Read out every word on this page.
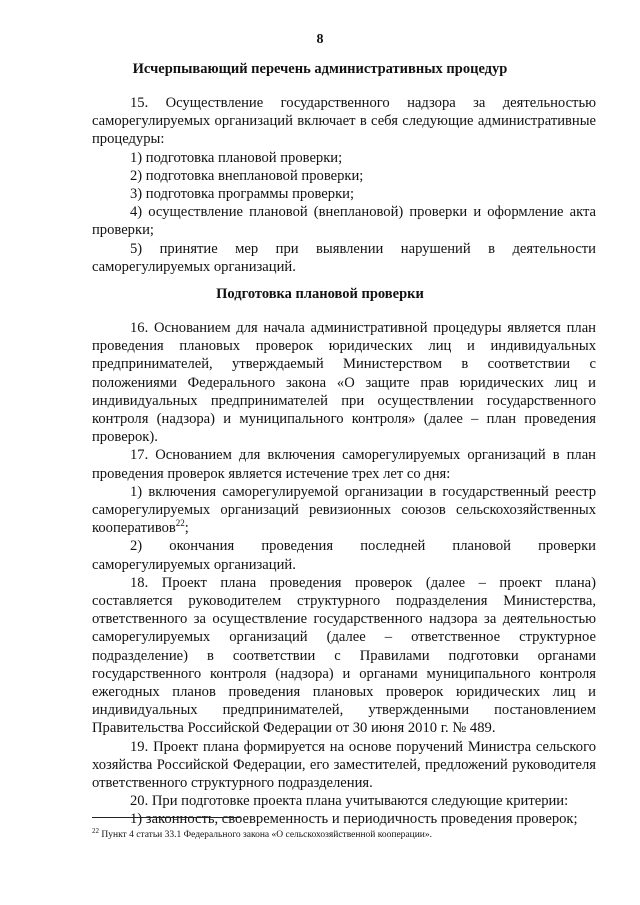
8
Исчерпывающий перечень административных процедур

15. Осуществление государственного надзора за деятельностью саморегулируемых организаций включает в себя следующие административные процедуры:

1) подготовка плановой проверки;

2) подготовка внеплановой проверки;

3) подготовка программы проверки;

4) осуществление плановой (внеплановой) проверки и оформление акта проверки;

5) принятие мер при выявлении нарушений в деятельности саморегулируемых организаций.

Подготовка плановой проверки

16. Основанием для начала административной процедуры является план проведения плановых проверок юридических лиц и индивидуальных предпринимателей, утверждаемый Министерством в соответствии с положениями Федерального закона «О защите прав юридических лиц и индивидуальных предпринимателей при осуществлении государственного контроля (надзора) и муниципального контроля» (далее – план проведения проверок).

17. Основанием для включения саморегулируемых организаций в план проведения проверок является истечение трех лет со дня:

1) включения саморегулируемой организации в государственный реестр саморегулируемых организаций ревизионных союзов сельскохозяйственных кооперативов$^{22}$;

2) окончания проведения последней плановой проверки саморегулируемых организаций.

18. Проект плана проведения проверок (далее – проект плана) составляется руководителем структурного подразделения Министерства, ответственного за осуществление государственного надзора за деятельностью саморегулируемых организаций (далее – ответственное структурное подразделение) в соответствии с Правилами подготовки органами государственного контроля (надзора) и органами муниципального контроля ежегодных планов проведения плановых проверок юридических лиц и индивидуальных предпринимателей, утвержденными постановлением Правительства Российской Федерации от 30 июня 2010 г. № 489.

19. Проект плана формируется на основе поручений Министра сельского хозяйства Российской Федерации, его заместителей, предложений руководителя ответственного структурного подразделения.

20. При подготовке проекта плана учитываются следующие критерии:

1) законность, своевременность и периодичность проведения проверок;

$^{22}$ Пункт 4 статьи 33.1 Федерального закона «О сельскохозяйственной кооперации».
